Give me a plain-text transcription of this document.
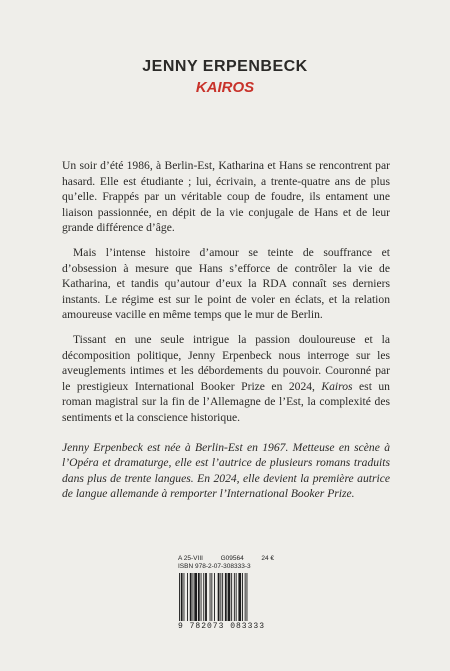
JENNY ERPENBECK
KAIROS

Un soir d’été 1986, à Berlin-Est, Katharina et Hans se rencontrent par hasard. Elle est étudiante ; lui, écrivain, a trente-quatre ans de plus qu’elle. Frappés par un véritable coup de foudre, ils entament une liaison passionnée, en dépit de la vie conjugale de Hans et de leur grande différence d’âge.

Mais l’intense histoire d’amour se teinte de souffrance et d’obsession à mesure que Hans s’efforce de contrôler la vie de Katharina, et tandis qu’autour d’eux la RDA connaît ses derniers instants. Le régime est sur le point de voler en éclats, et la relation amoureuse vacille en même temps que le mur de Berlin.

Tissant en une seule intrigue la passion douloureuse et la décomposition politique, Jenny Erpenbeck nous interroge sur les aveuglements intimes et les débordements du pouvoir. Couronné par le prestigieux International Booker Prize en 2024, Kairos est un roman magistral sur la fin de l’Allemagne de l’Est, la complexité des sentiments et la conscience historique.

Jenny Erpenbeck est née à Berlin-Est en 1967. Metteuse en scène à l’Opéra et dramaturge, elle est l’autrice de plusieurs romans traduits dans plus de trente langues. En 2024, elle devient la première autrice de langue allemande à remporter l’International Booker Prize.

A 25-VIII	G09564	24 €
ISBN 978-2-07-308333-3
9 782073 083333
